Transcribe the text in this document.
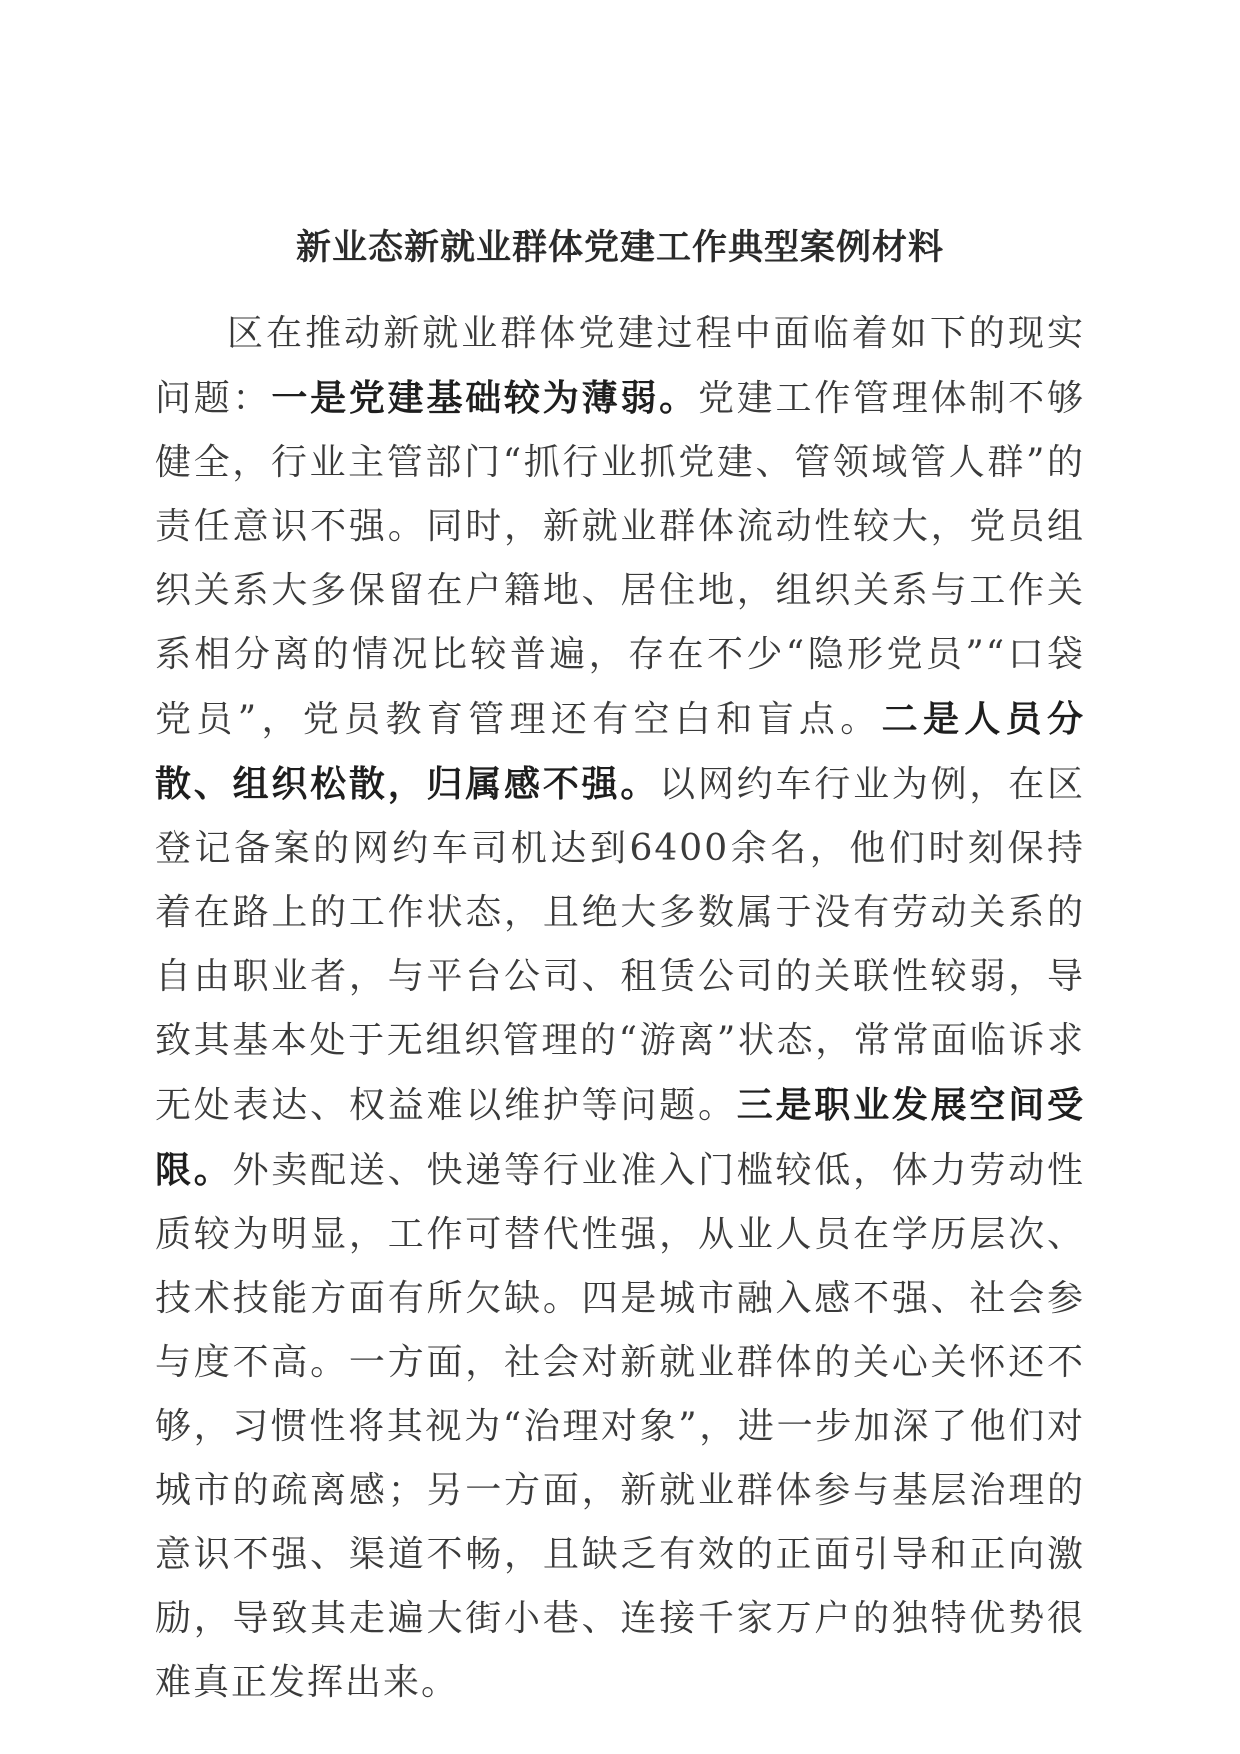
新业态新就业群体党建工作典型案例材料

区在推动新就业群体党建过程中面临着如下的现实问题：一是党建基础较为薄弱。党建工作管理体制不够健全，行业主管部门“抓行业抓党建、管领域管人群”的责任意识不强。同时，新就业群体流动性较大，党员组织关系大多保留在户籍地、居住地，组织关系与工作关系相分离的情况比较普遍，存在不少“隐形党员”“口袋党员”，党员教育管理还有空白和盲点。二是人员分散、组织松散，归属感不强。以网约车行业为例，在区登记备案的网约车司机达到6400余名，他们时刻保持着在路上的工作状态，且绝大多数属于没有劳动关系的自由职业者，与平台公司、租赁公司的关联性较弱，导致其基本处于无组织管理的“游离”状态，常常面临诉求无处表达、权益难以维护等问题。三是职业发展空间受限。外卖配送、快递等行业准入门槛较低，体力劳动性质较为明显，工作可替代性强，从业人员在学历层次、技术技能方面有所欠缺。四是城市融入感不强、社会参与度不高。一方面，社会对新就业群体的关心关怀还不够，习惯性将其视为“治理对象”，进一步加深了他们对城市的疏离感；另一方面，新就业群体参与基层治理的意识不强、渠道不畅，且缺乏有效的正面引导和正向激励，导致其走遍大街小巷、连接千家万户的独特优势很难真正发挥出来。
